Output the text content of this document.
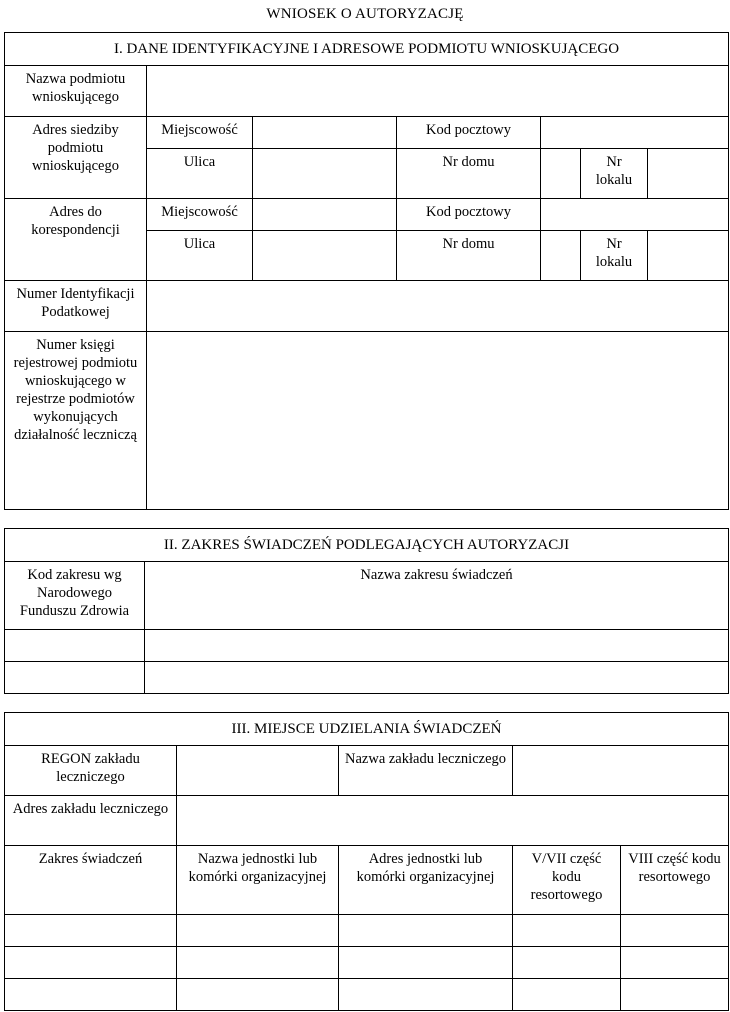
WNIOSEK O AUTORYZACJĘ
I. DANE IDENTYFIKACYJNE I ADRESOWE PODMIOTU WNIOSKUJĄCEGO						

Nazwa podmiotu wnioskującego						

Adres siedziby podmiotu wnioskującego	Miejscowość		Kod pocztowy			

	Ulica		Nr domu		Nr lokalu	

Adres do korespondencji	Miejscowość		Kod pocztowy			

	Ulica		Nr domu		Nr lokalu	

Numer Identyfikacji Podatkowej						

Numer księgi rejestrowej podmiotu wnioskującego w rejestrze podmiotów wykonujących działalność leczniczą						

II. ZAKRES ŚWIADCZEŃ PODLEGAJĄCYCH AUTORYZACJI	

Kod zakresu wg Narodowego Funduszu Zdrowia	Nazwa zakresu świadczeń

III. MIEJSCE UDZIELANIA ŚWIADCZEŃ				

REGON zakładu leczniczego		Nazwa zakładu leczniczego		

Adres zakładu leczniczego				

Zakres świadczeń	Nazwa jednostki lub komórki organizacyjnej	Adres jednostki lub komórki organizacyjnej	V/VII część kodu resortowego	VIII część kodu resortowego
